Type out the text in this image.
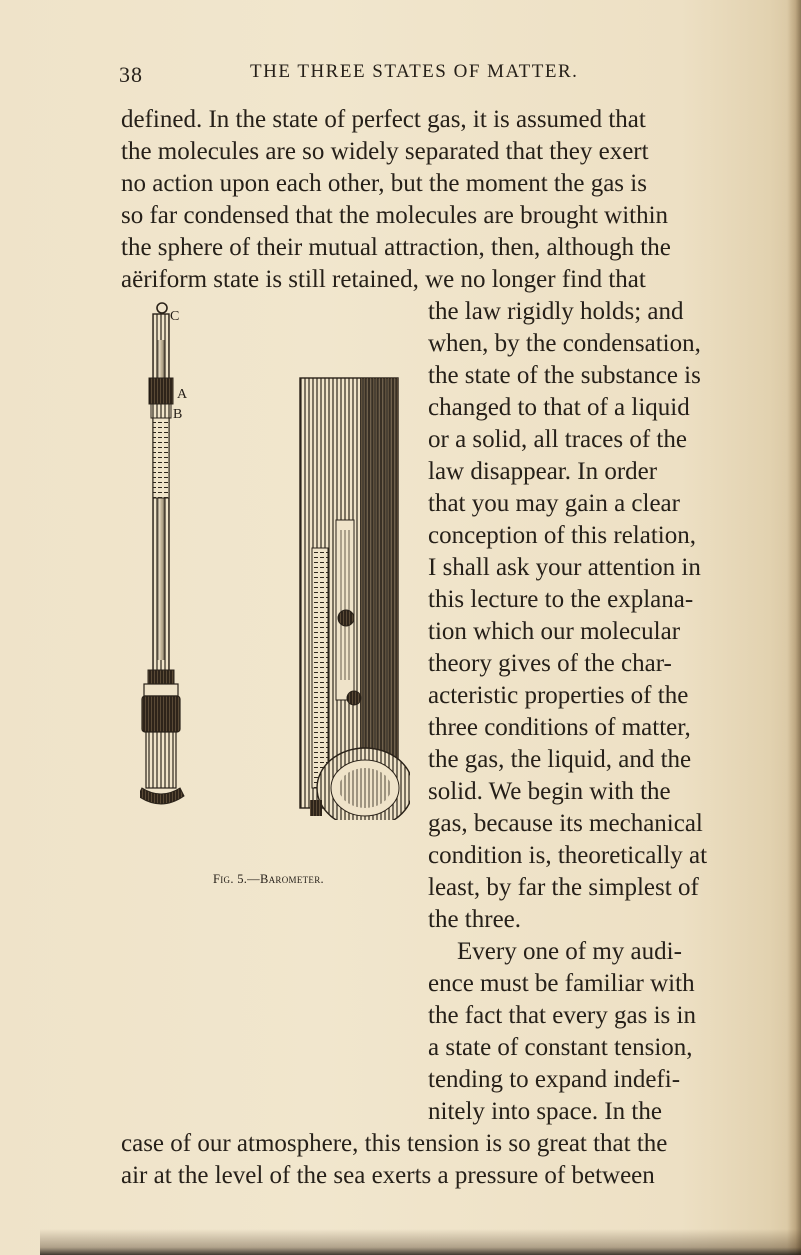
38	THE THREE STATES OF MATTER.
defined. In the state of perfect gas, it is assumed that
the molecules are so widely separated that they exert
no action upon each other, but the moment the gas is
so far condensed that the molecules are brought within
the sphere of their mutual attraction, then, although the
aëriform state is still retained, we no longer find that
the law rigidly holds; and
when, by the condensation,
the state of the substance is
changed to that of a liquid
or a solid, all traces of the
law disappear. In order
that you may gain a clear
conception of this relation,
I shall ask your attention in
this lecture to the explana-
tion which our molecular
theory gives of the char-
acteristic properties of the
three conditions of matter,
the gas, the liquid, and the
solid. We begin with the
gas, because its mechanical
condition is, theoretically at
least, by far the simplest of
the three.
Every one of my audi-
ence must be familiar with
the fact that every gas is in
a state of constant tension,
tending to expand indefi-
nitely into space. In the
case of our atmosphere, this tension is so great that the
air at the level of the sea exerts a pressure of between
C
A
B
Fig. 5.—Barometer.
